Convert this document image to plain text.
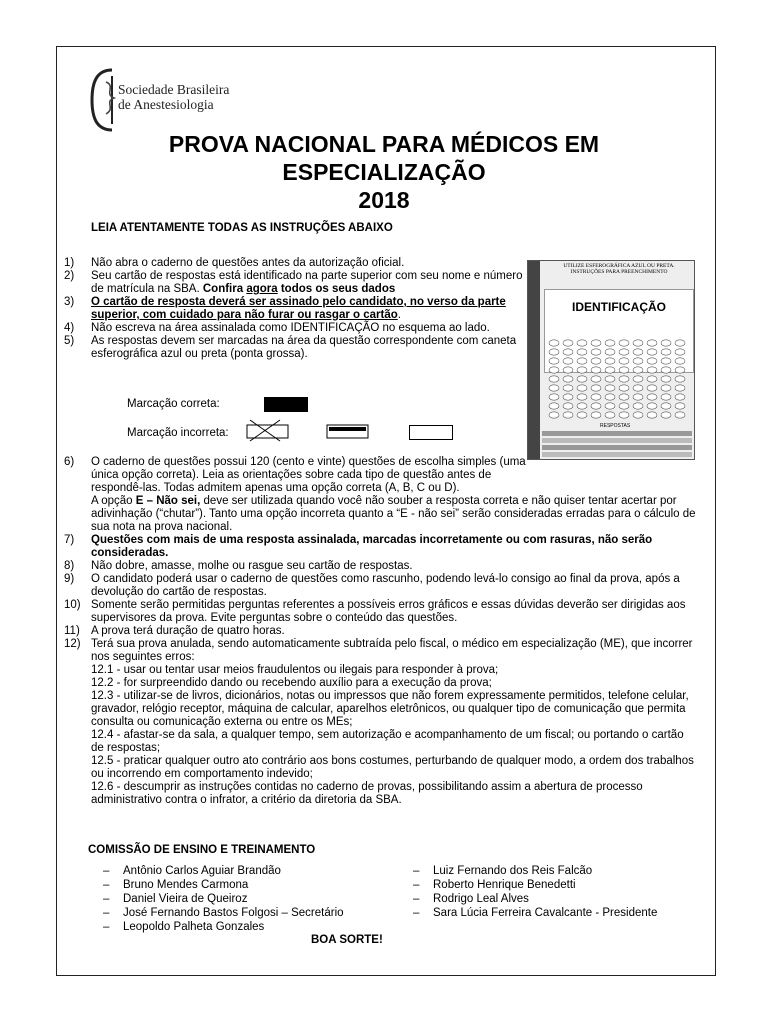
Sociedade Brasileira
de Anestesiologia
PROVA NACIONAL PARA MÉDICOS EM
ESPECIALIZAÇÃO
2018
LEIA ATENTAMENTE TODAS AS INSTRUÇÕES ABAIXO
UTILIZE ESFEROGRÁFICA AZUL OU PRETA.
INSTRUÇÕES PARA PREENCHIMENTO
IDENTIFICAÇÃO
RESPOSTAS
1) Não abra o caderno de questões antes da autorização oficial.
2) Seu cartão de respostas está identificado na parte superior com seu nome e número de matrícula na SBA. Confira agora todos os seus dados
3) O cartão de resposta deverá ser assinado pelo candidato, no verso da parte superior, com cuidado para não furar ou rasgar o cartão.
4) Não escreva na área assinalada como IDENTIFICAÇÃO no esquema ao lado.
5) As respostas devem ser marcadas na área da questão correspondente com caneta esferográfica azul ou preta (ponta grossa).
Marcação correta:
Marcação incorreta:
6) O caderno de questões possui 120 (cento e vinte) questões de escolha simples (uma única opção correta). Leia as orientações sobre cada tipo de questão antes de respondê-las. Todas admitem apenas uma opção correta (A, B, C ou D).
A opção E – Não sei, deve ser utilizada quando você não souber a resposta correta e não quiser tentar acertar por adivinhação (“chutar”). Tanto uma opção incorreta quanto a “E - não sei” serão consideradas erradas para o cálculo de sua nota na prova nacional.
7) Questões com mais de uma resposta assinalada, marcadas incorretamente ou com rasuras, não serão consideradas.
8) Não dobre, amasse, molhe ou rasgue seu cartão de respostas.
9) O candidato poderá usar o caderno de questões como rascunho, podendo levá-lo consigo ao final da prova, após a devolução do cartão de respostas.
10) Somente serão permitidas perguntas referentes a possíveis erros gráficos e essas dúvidas deverão ser dirigidas aos supervisores da prova. Evite perguntas sobre o conteúdo das questões.
11) A prova terá duração de quatro horas.
12) Terá sua prova anulada, sendo automaticamente subtraída pelo fiscal, o médico em especialização (ME), que incorrer nos seguintes erros:
12.1 - usar ou tentar usar meios fraudulentos ou ilegais para responder à prova;
12.2 - for surpreendido dando ou recebendo auxílio para a execução da prova;
12.3 - utilizar-se de livros, dicionários, notas ou impressos que não forem expressamente permitidos, telefone celular, gravador, relógio receptor, máquina de calcular, aparelhos eletrônicos, ou qualquer tipo de comunicação que permita consulta ou comunicação externa ou entre os MEs;
12.4 - afastar-se da sala, a qualquer tempo, sem autorização e acompanhamento de um fiscal; ou portando o cartão de respostas;
12.5 - praticar qualquer outro ato contrário aos bons costumes, perturbando de qualquer modo, a ordem dos trabalhos ou incorrendo em comportamento indevido;
12.6 - descumprir as instruções contidas no caderno de provas, possibilitando assim a abertura de processo administrativo contra o infrator, a critério da diretoria da SBA.
COMISSÃO DE ENSINO E TREINAMENTO
– Antônio Carlos Aguiar Brandão
– Bruno Mendes Carmona
– Daniel Vieira de Queiroz
– José Fernando Bastos Folgosi – Secretário
– Leopoldo Palheta Gonzales
– Luiz Fernando dos Reis Falcão
– Roberto Henrique Benedetti
– Rodrigo Leal Alves
– Sara Lúcia Ferreira Cavalcante - Presidente
BOA SORTE!
